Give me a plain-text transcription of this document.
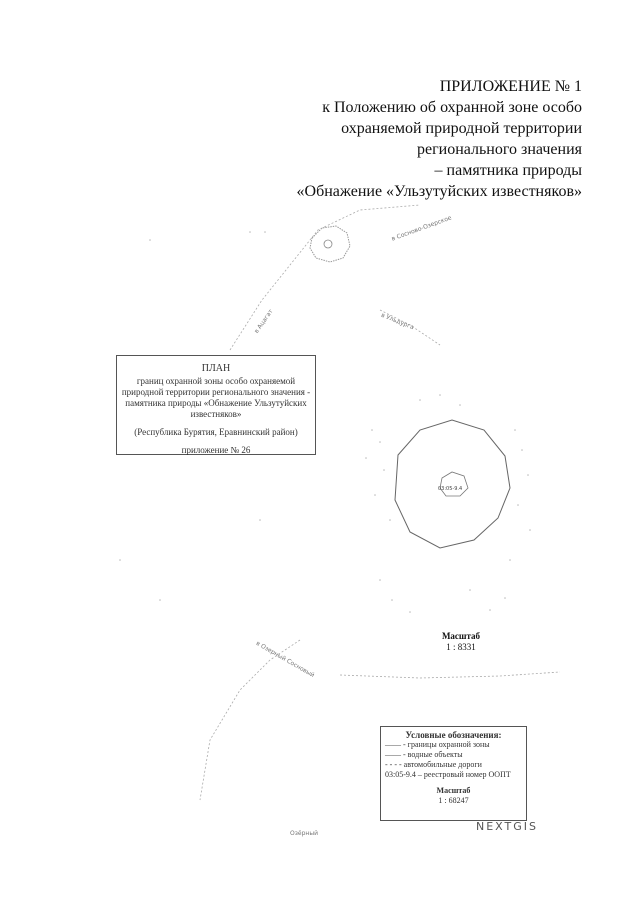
ПРИЛОЖЕНИЕ № 1
к Положению об охранной зоне особо
охраняемой природной территории
регионального значения
– памятника природы
«Обнажение «Ульзутуйских известняков»
03:05-9.4
в Сосново-Озерское
в Ульдурга
в Ацагат
в Озерный Сосновый
Озёрный
ПЛАН
границ охранной зоны особо охраняемой
природной территории регионального значения -
памятника природы «Обнажение Ульзутуйских
известняков»
(Республика Бурятия, Еравнинский район)
приложение № 26
Масштаб
1 : 8331
Условные обозначения:
—— - границы охранной зоны
—— - водные объекты
- - - - автомобильные дороги
03:05-9.4 – реестровый номер ООПТ
Масштаб
1 : 68247
NEXTGIS
